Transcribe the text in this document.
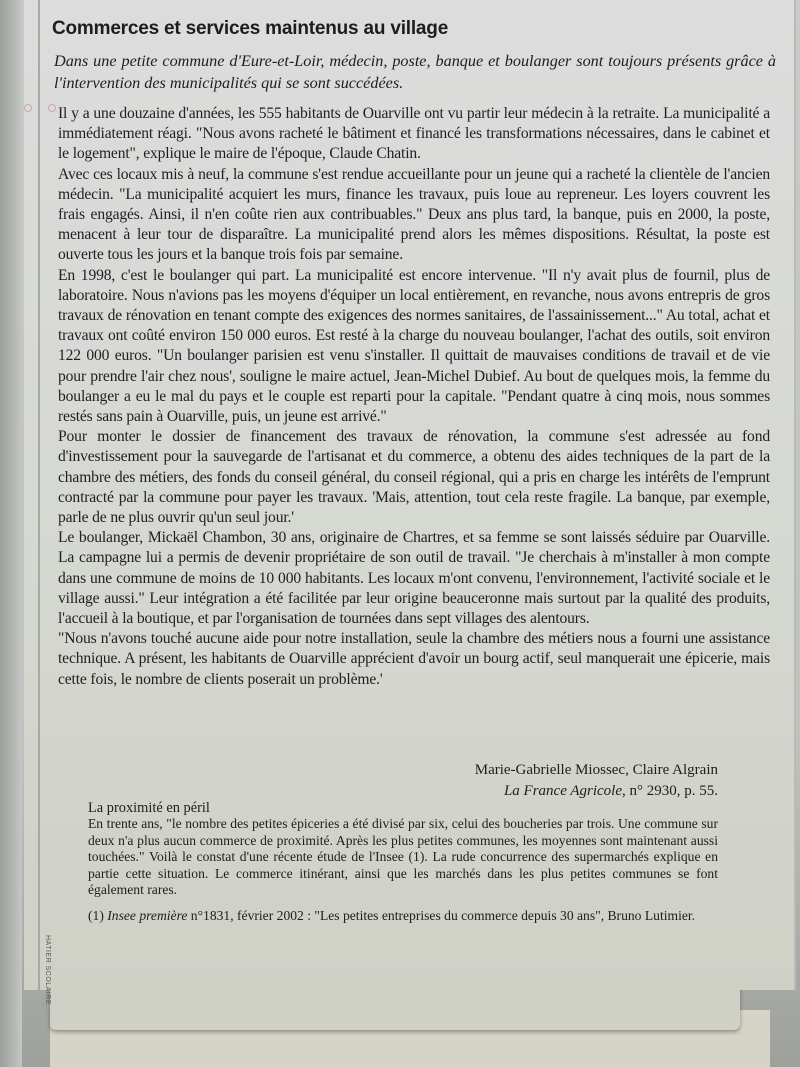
Commerces et services maintenus au village
Dans une petite commune d'Eure-et-Loir, médecin, poste, banque et boulanger sont toujours présents grâce à l'intervention des municipalités qui se sont succédées.

Il y a une douzaine d'années, les 555 habitants de Ouarville ont vu partir leur médecin à la retraite. La municipalité a immédiatement réagi. "Nous avons racheté le bâtiment et financé les transformations nécessaires, dans le cabinet et le logement", explique le maire de l'époque, Claude Chatin.

Avec ces locaux mis à neuf, la commune s'est rendue accueillante pour un jeune qui a racheté la clientèle de l'ancien médecin. "La municipalité acquiert les murs, finance les travaux, puis loue au repreneur. Les loyers couvrent les frais engagés. Ainsi, il n'en coûte rien aux contribuables." Deux ans plus tard, la banque, puis en 2000, la poste, menacent à leur tour de disparaître. La municipalité prend alors les mêmes dispositions. Résultat, la poste est ouverte tous les jours et la banque trois fois par semaine.

En 1998, c'est le boulanger qui part. La municipalité est encore intervenue. "Il n'y avait plus de fournil, plus de laboratoire. Nous n'avions pas les moyens d'équiper un local entièrement, en revanche, nous avons entrepris de gros travaux de rénovation en tenant compte des exigences des normes sanitaires, de l'assainissement..." Au total, achat et travaux ont coûté environ 150 000 euros. Est resté à la charge du nouveau boulanger, l'achat des outils, soit environ 122 000 euros. "Un boulanger parisien est venu s'installer. Il quittait de mauvaises conditions de travail et de vie pour prendre l'air chez nous', souligne le maire actuel, Jean-Michel Dubief. Au bout de quelques mois, la femme du boulanger a eu le mal du pays et le couple est reparti pour la capitale. "Pendant quatre à cinq mois, nous sommes restés sans pain à Ouarville, puis, un jeune est arrivé."

Pour monter le dossier de financement des travaux de rénovation, la commune s'est adressée au fond d'investissement pour la sauvegarde de l'artisanat et du commerce, a obtenu des aides techniques de la part de la chambre des métiers, des fonds du conseil général, du conseil régional, qui a pris en charge les intérêts de l'emprunt contracté par la commune pour payer les travaux. 'Mais, attention, tout cela reste fragile. La banque, par exemple, parle de ne plus ouvrir qu'un seul jour.'

Le boulanger, Mickaël Chambon, 30 ans, originaire de Chartres, et sa femme se sont laissés séduire par Ouarville. La campagne lui a permis de devenir propriétaire de son outil de travail. "Je cherchais à m'installer à mon compte dans une commune de moins de 10 000 habitants. Les locaux m'ont convenu, l'environnement, l'activité sociale et le village aussi." Leur intégration a été facilitée par leur origine beauceronne mais surtout par la qualité des produits, l'accueil à la boutique, et par l'organisation de tournées dans sept villages des alentours.

"Nous n'avons touché aucune aide pour notre installation, seule la chambre des métiers nous a fourni une assistance technique. A présent, les habitants de Ouarville apprécient d'avoir un bourg actif, seul manquerait une épicerie, mais cette fois, le nombre de clients poserait un problème.'

Marie-Gabrielle Miossec, Claire Algrain
La France Agricole, n° 2930, p. 55.
La proximité en péril

En trente ans, "le nombre des petites épiceries a été divisé par six, celui des boucheries par trois. Une commune sur deux n'a plus aucun commerce de proximité. Après les plus petites communes, les moyennes sont maintenant aussi touchées." Voilà le constat d'une récente étude de l'Insee (1). La rude concurrence des supermarchés explique en partie cette situation. Le commerce itinérant, ainsi que les marchés dans les plus petites communes se font également rares.

(1) Insee première n°1831, février 2002 : "Les petites entreprises du commerce depuis 30 ans", Bruno Lutimier.

HATIER SCOLAIRE
